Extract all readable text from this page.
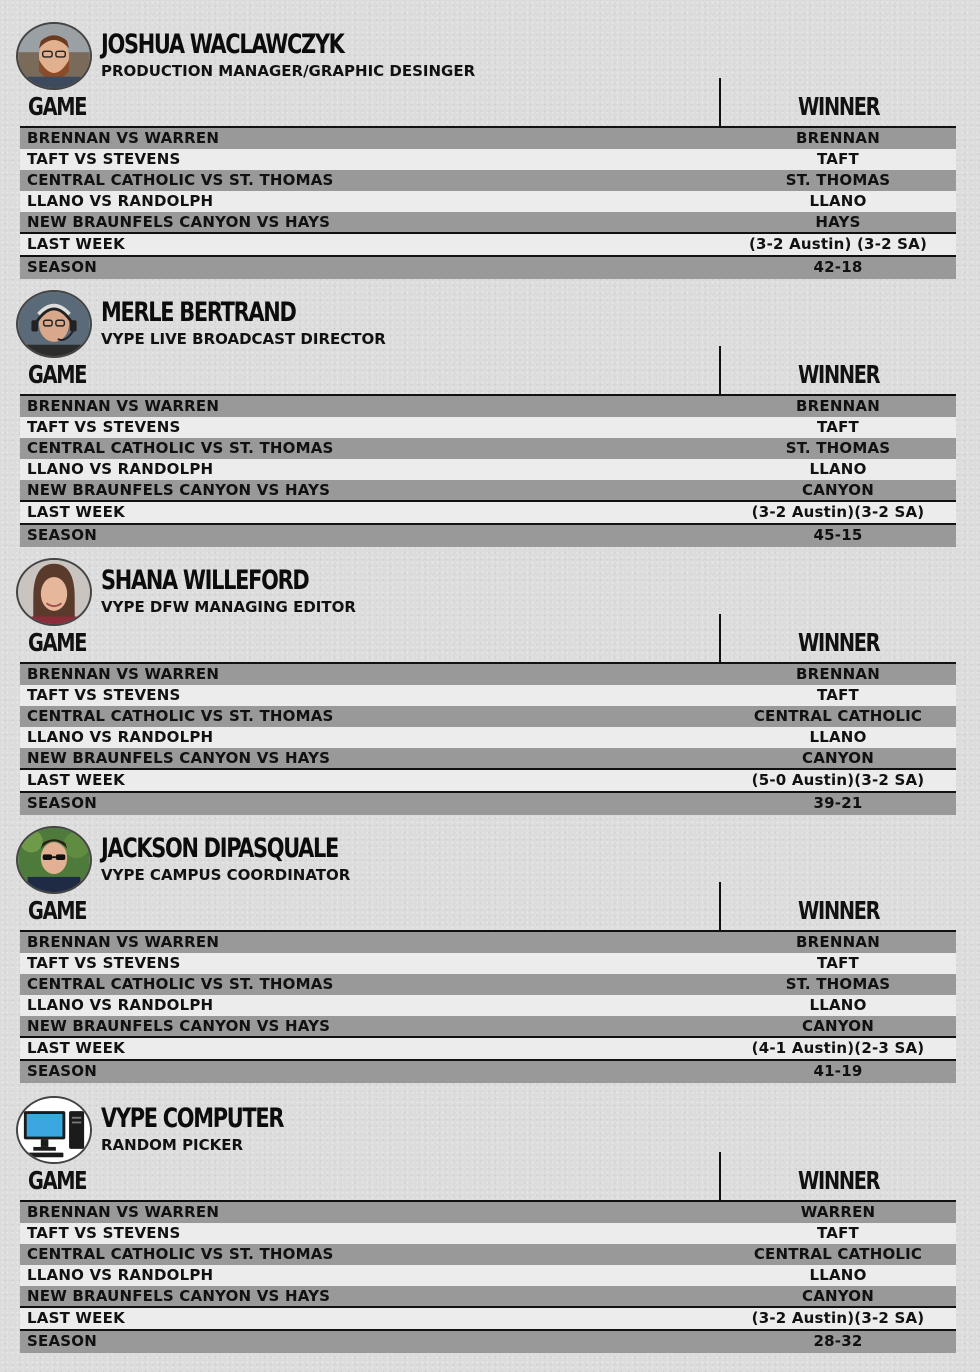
JOSHUA WACLAWCZYK
PRODUCTION MANAGER/GRAPHIC DESINGER
GAME	WINNER
BRENNAN VS WARREN	BRENNAN
TAFT VS STEVENS	TAFT
CENTRAL CATHOLIC VS ST. THOMAS	ST. THOMAS
LLANO VS RANDOLPH	LLANO
NEW BRAUNFELS CANYON VS HAYS	HAYS
LAST WEEK	(3-2 Austin) (3-2 SA)
SEASON	42-18
MERLE BERTRAND
VYPE LIVE BROADCAST DIRECTOR
GAME	WINNER
BRENNAN VS WARREN	BRENNAN
TAFT VS STEVENS	TAFT
CENTRAL CATHOLIC VS ST. THOMAS	ST. THOMAS
LLANO VS RANDOLPH	LLANO
NEW BRAUNFELS CANYON VS HAYS	CANYON
LAST WEEK	(3-2 Austin)(3-2 SA)
SEASON	45-15
SHANA WILLEFORD
VYPE DFW MANAGING EDITOR
GAME	WINNER
BRENNAN VS WARREN	BRENNAN
TAFT VS STEVENS	TAFT
CENTRAL CATHOLIC VS ST. THOMAS	CENTRAL CATHOLIC
LLANO VS RANDOLPH	LLANO
NEW BRAUNFELS CANYON VS HAYS	CANYON
LAST WEEK	(5-0 Austin)(3-2 SA)
SEASON	39-21
JACKSON DIPASQUALE
VYPE CAMPUS COORDINATOR
GAME	WINNER
BRENNAN VS WARREN	BRENNAN
TAFT VS STEVENS	TAFT
CENTRAL CATHOLIC VS ST. THOMAS	ST. THOMAS
LLANO VS RANDOLPH	LLANO
NEW BRAUNFELS CANYON VS HAYS	CANYON
LAST WEEK	(4-1 Austin)(2-3 SA)
SEASON	41-19
VYPE COMPUTER
RANDOM PICKER
GAME	WINNER
BRENNAN VS WARREN	WARREN
TAFT VS STEVENS	TAFT
CENTRAL CATHOLIC VS ST. THOMAS	CENTRAL CATHOLIC
LLANO VS RANDOLPH	LLANO
NEW BRAUNFELS CANYON VS HAYS	CANYON
LAST WEEK	(3-2 Austin)(3-2 SA)
SEASON	28-32
